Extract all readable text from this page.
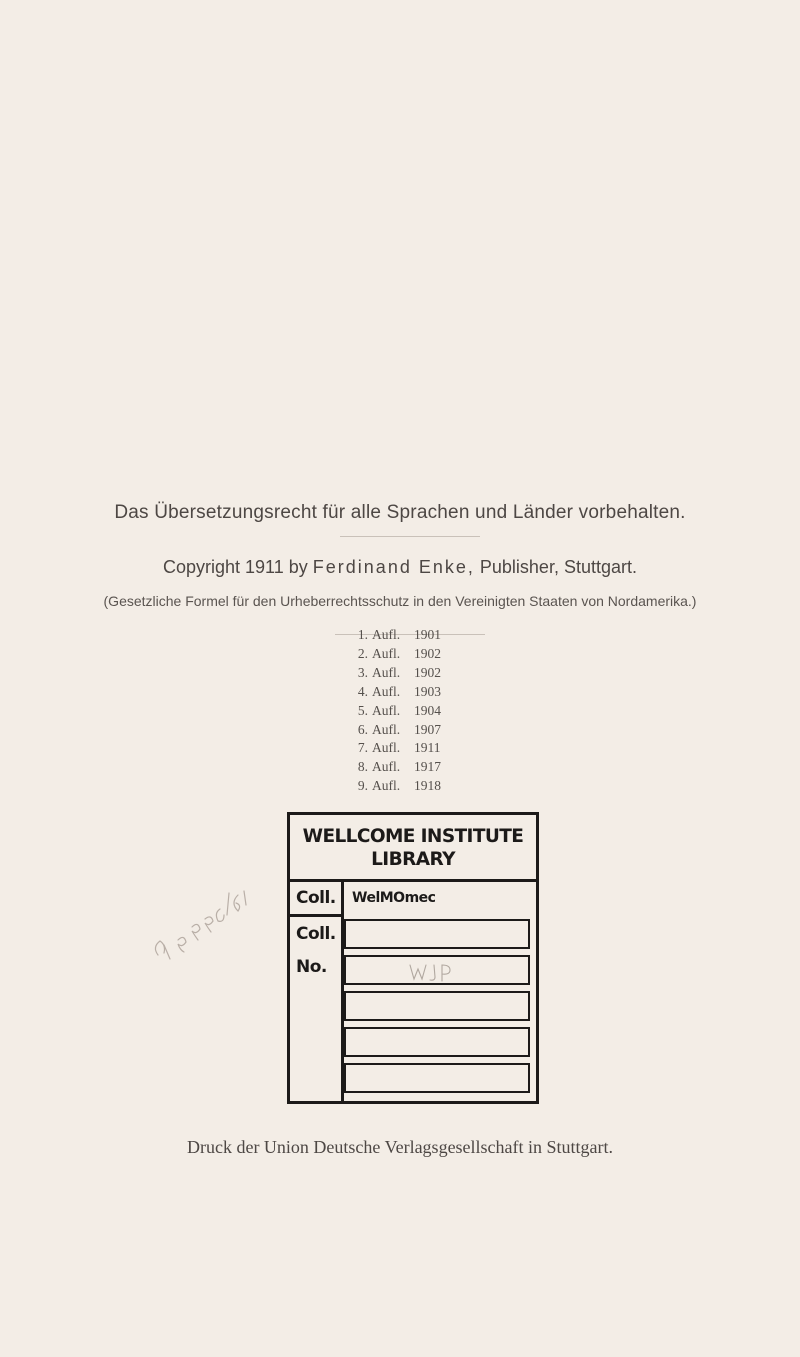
Das Übersetzungsrecht für alle Sprachen und Länder vorbehalten.
Copyright 1911 by Ferdinand Enke, Publisher, Stuttgart.
(Gesetzliche Formel für den Urheberrechtsschutz in den Vereinigten Staaten von Nordamerika.)
1. Aufl. 1901
2. Aufl. 1902
3. Aufl. 1902
4. Aufl. 1903
5. Aufl. 1904
6. Aufl. 1907
7. Aufl. 1911
8. Aufl. 1917
9. Aufl. 1918
WELLCOME INSTITUTE
LIBRARY
Coll. WelMOmec
Coll.
No.
Druck der Union Deutsche Verlagsgesellschaft in Stuttgart.
